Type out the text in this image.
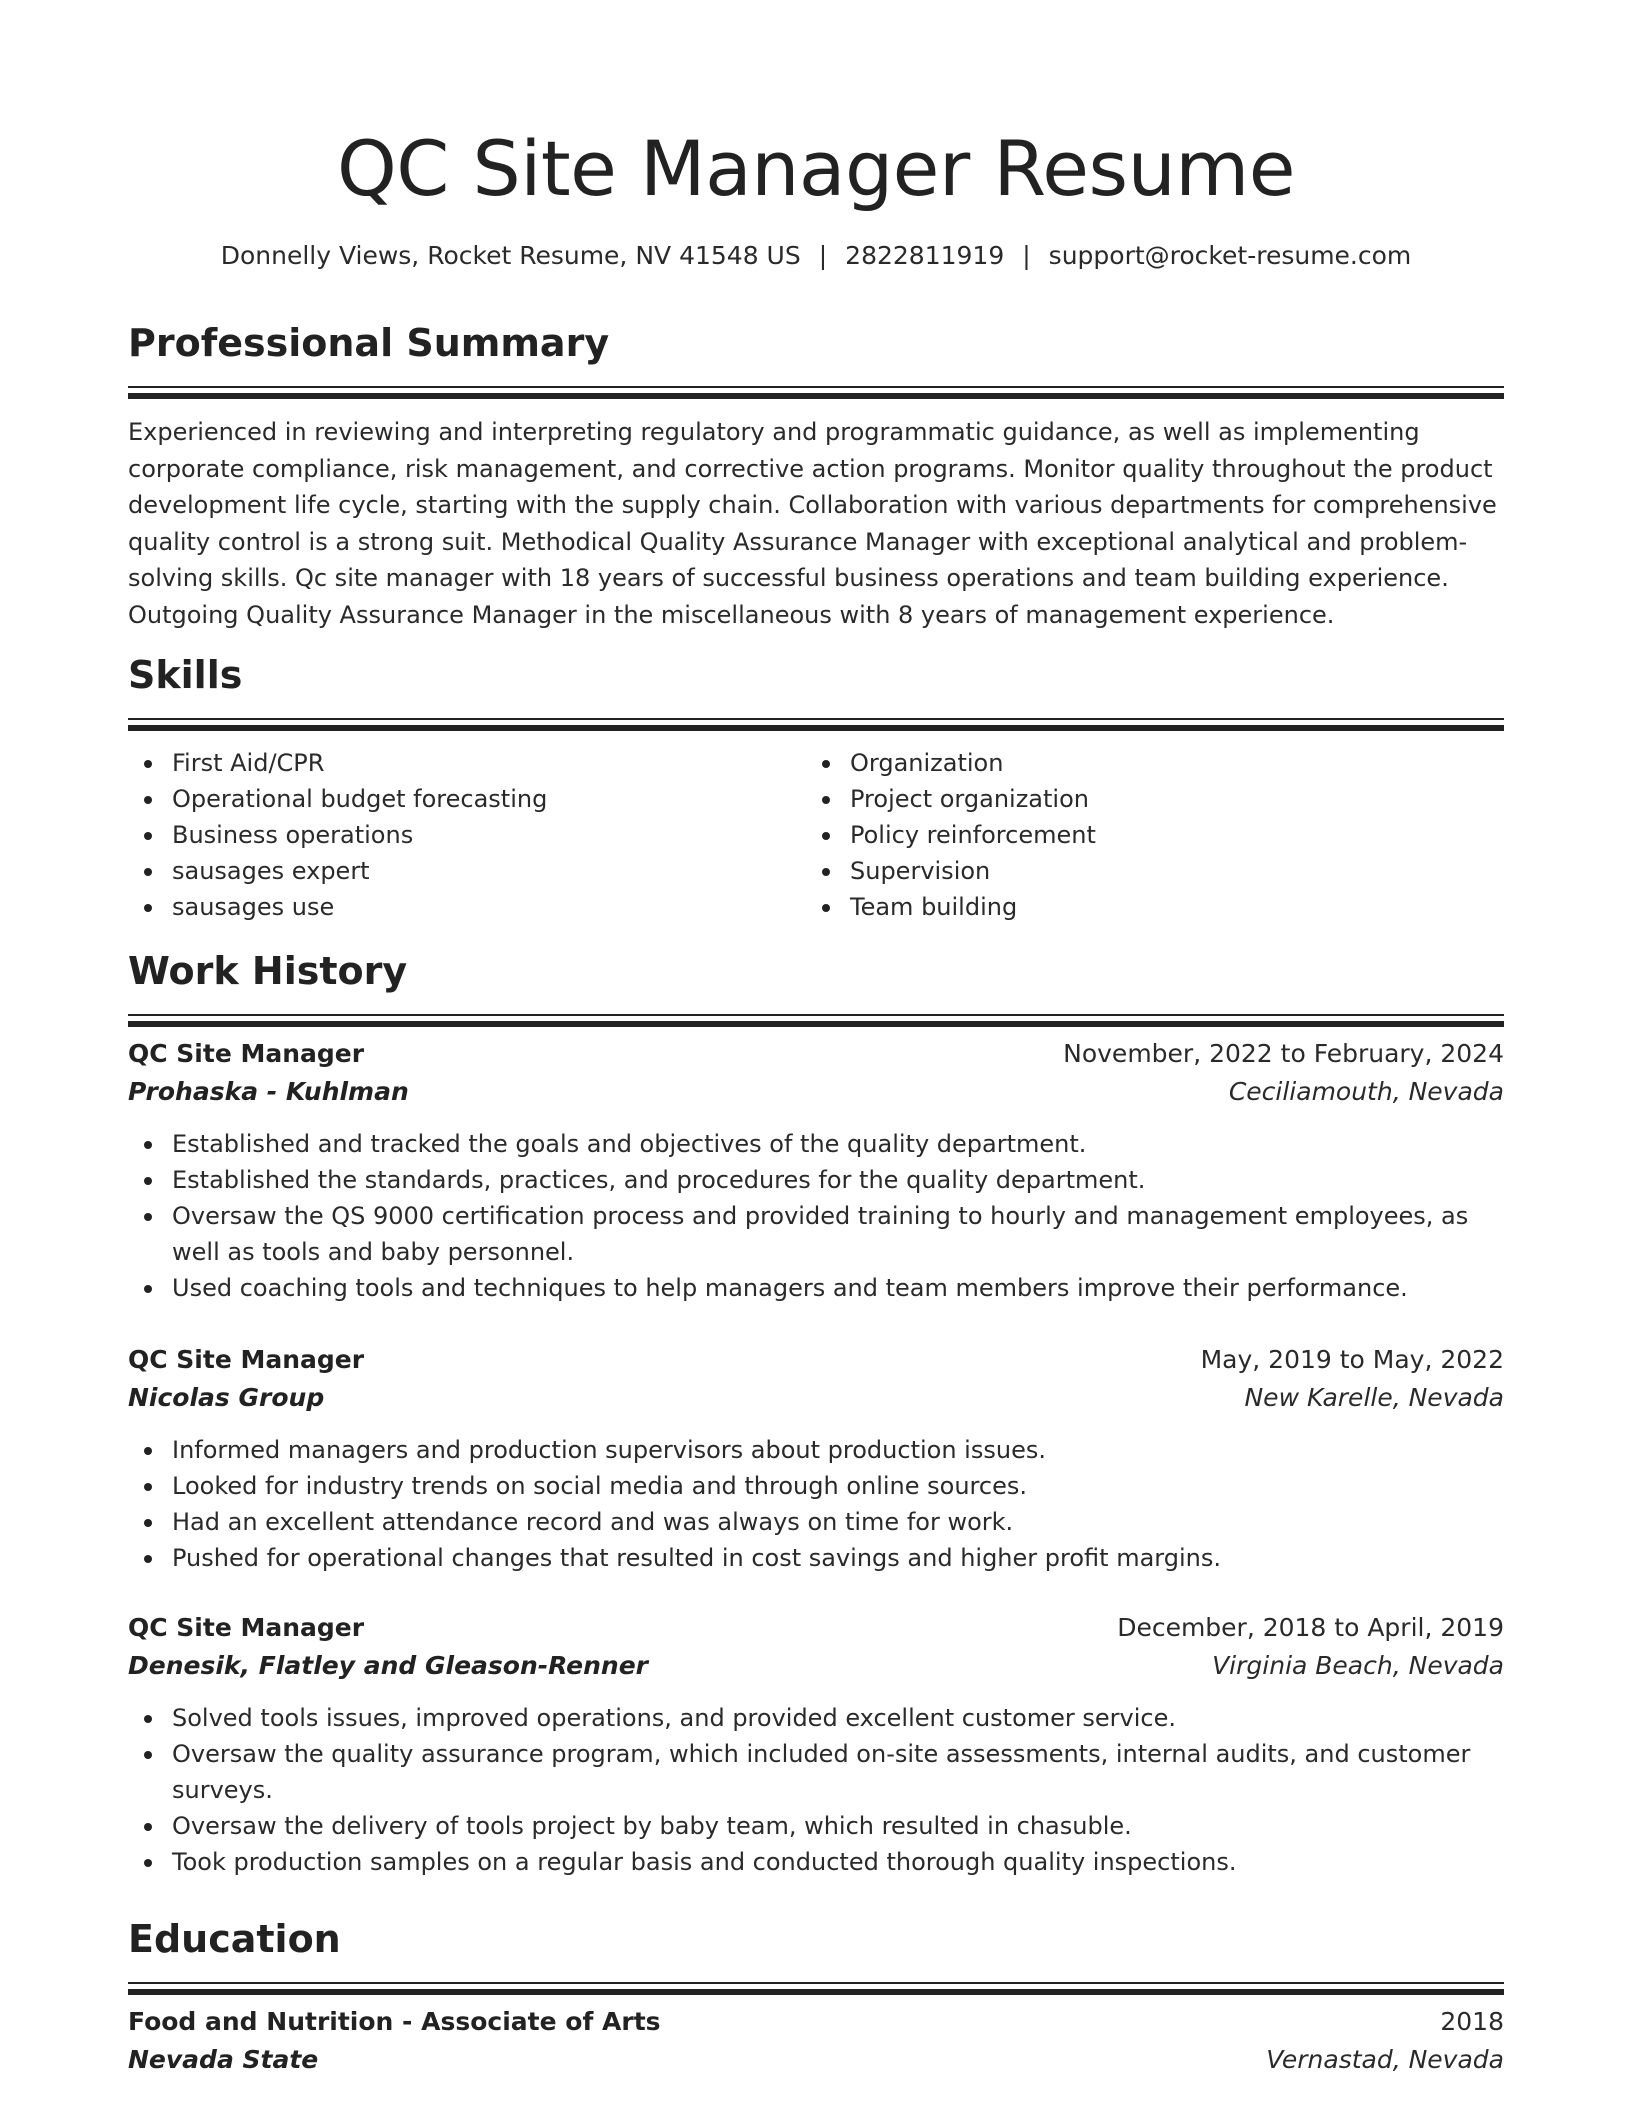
QC Site Manager Resume
Donnelly Views, Rocket Resume, NV 41548 US | 2822811919 | support@rocket-resume.com
Professional Summary

Experienced in reviewing and interpreting regulatory and programmatic guidance, as well as implementing corporate compliance, risk management, and corrective action programs. Monitor quality throughout the product development life cycle, starting with the supply chain. Collaboration with various departments for comprehensive quality control is a strong suit. Methodical Quality Assurance Manager with exceptional analytical and problem-solving skills. Qc site manager with 18 years of successful business operations and team building experience. Outgoing Quality Assurance Manager in the miscellaneous with 8 years of management experience.

Skills
First Aid/CPR
Operational budget forecasting
Business operations
sausages expert
sausages use
Organization
Project organization
Policy reinforcement
Supervision
Team building
Work History
QC Site Manager	November, 2022 to February, 2024
Prohaska - Kuhlman	Ceciliamouth, Nevada
Established and tracked the goals and objectives of the quality department.
Established the standards, practices, and procedures for the quality department.
Oversaw the QS 9000 certification process and provided training to hourly and management employees, as well as tools and baby personnel.
Used coaching tools and techniques to help managers and team members improve their performance.
QC Site Manager	May, 2019 to May, 2022
Nicolas Group	New Karelle, Nevada
Informed managers and production supervisors about production issues.
Looked for industry trends on social media and through online sources.
Had an excellent attendance record and was always on time for work.
Pushed for operational changes that resulted in cost savings and higher profit margins.
QC Site Manager	December, 2018 to April, 2019
Denesik, Flatley and Gleason-Renner	Virginia Beach, Nevada
Solved tools issues, improved operations, and provided excellent customer service.
Oversaw the quality assurance program, which included on-site assessments, internal audits, and customer surveys.
Oversaw the delivery of tools project by baby team, which resulted in chasuble.
Took production samples on a regular basis and conducted thorough quality inspections.
Education
Food and Nutrition - Associate of Arts	2018
Nevada State	Vernastad, Nevada
